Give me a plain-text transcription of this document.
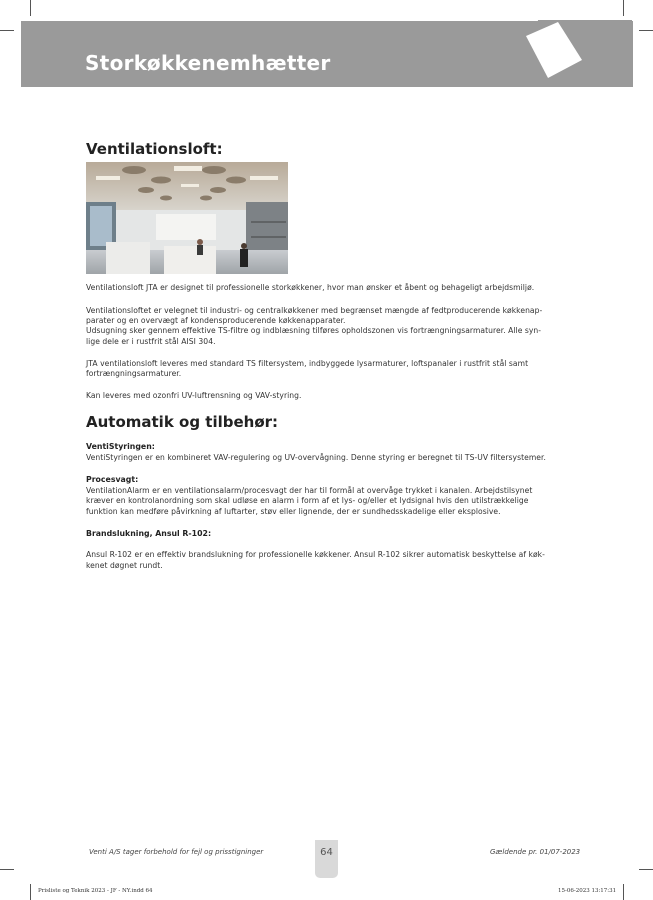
Storkøkkenemhætter
Ventilationsloft:
Ventilationsloft JTA er designet til professionelle storkøkkener, hvor man ønsker et åbent og behageligt arbejdsmiljø.
Ventilationsloftet er velegnet til industri- og centralkøkkener med begrænset mængde af fedtproducerende køkkenap-
parater og en overvægt af kondensproducerende køkkenapparater.
Udsugning sker gennem effektive TS-filtre og indblæsning tilføres opholdszonen vis fortrængningsarmaturer. Alle syn-
lige dele er i rustfrit stål AISI 304.
JTA ventilationsloft leveres med standard TS filtersystem, indbyggede lysarmaturer, loftspanaler i rustfrit stål samt
fortrængningsarmaturer.
Kan leveres med ozonfri UV-luftrensning og VAV-styring.
Automatik og tilbehør:
VentiStyringen:
VentiStyringen er en kombineret VAV-regulering og UV-overvågning. Denne styring er beregnet til TS-UV filtersystemer.
Procesvagt:
VentilationAlarm er en ventilationsalarm/procesvagt der har til formål at overvåge trykket i kanalen. Arbejdstilsynet
kræver en kontrolanordning som skal udløse en alarm i form af et lys- og/eller et lydsignal hvis den utilstrækkelige
funktion kan medføre påvirkning af luftarter, støv eller lignende, der er sundhedsskadelige eller eksplosive.
Brandslukning, Ansul R-102:
Ansul R-102 er en effektiv brandslukning for professionelle køkkener. Ansul R-102 sikrer automatisk beskyttelse af køk-
kenet døgnet rundt.
Venti A/S tager forbehold for fejl og prisstigninger	64	Gældende pr. 01/07-2023
Prisliste og Teknik 2023 - JF - NY.indd 64	15-06-2023 13:17:31
